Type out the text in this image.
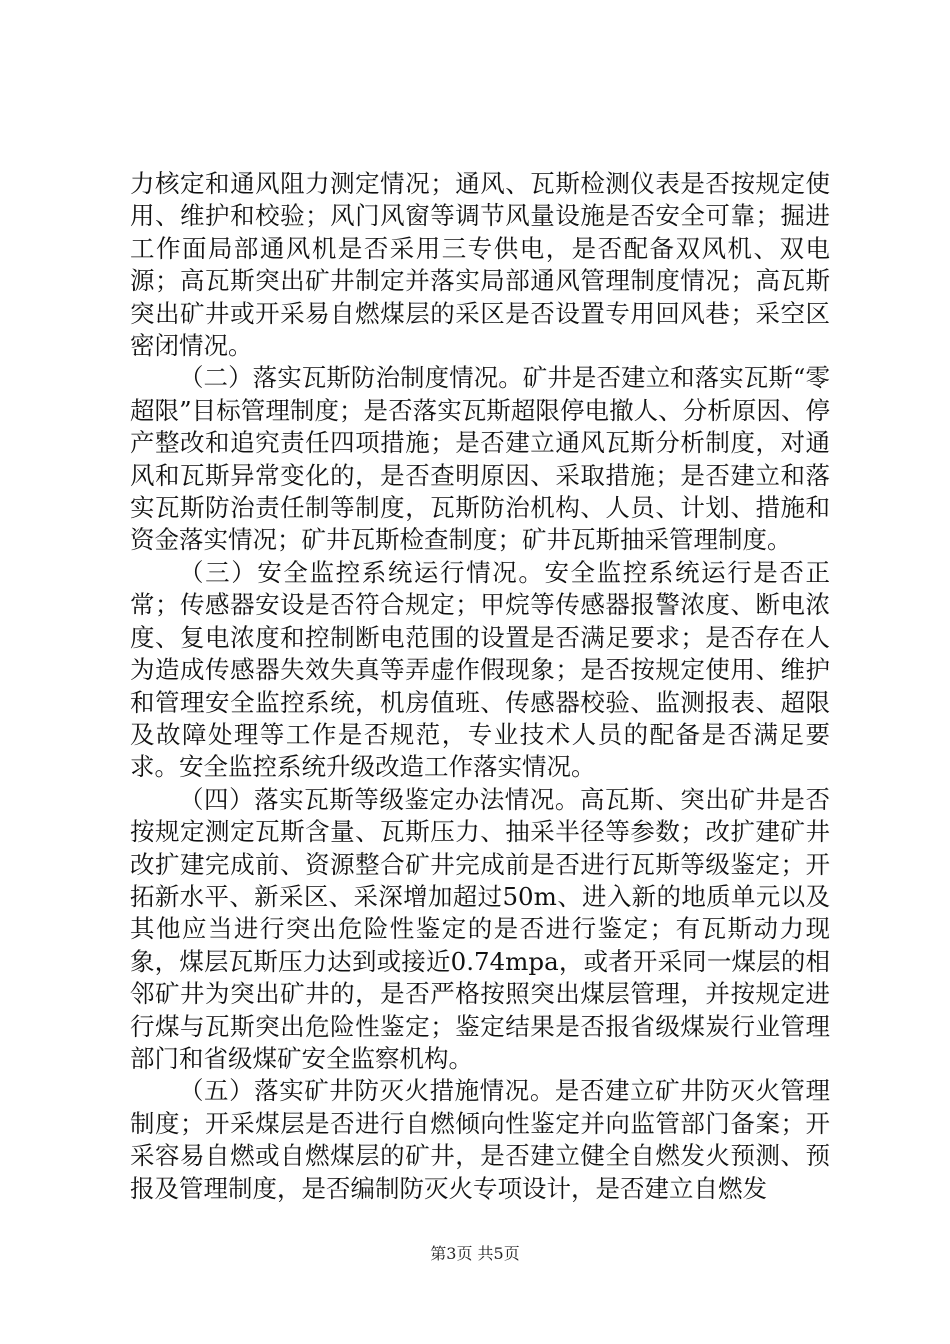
力核定和通风阻力测定情况；通风、瓦斯检测仪表是否按规定使用、维护和校验；风门风窗等调节风量设施是否安全可靠；掘进工作面局部通风机是否采用三专供电，是否配备双风机、双电源；高瓦斯突出矿井制定并落实局部通风管理制度情况；高瓦斯突出矿井或开采易自燃煤层的采区是否设置专用回风巷；采空区密闭情况。

（二）落实瓦斯防治制度情况。矿井是否建立和落实瓦斯“零超限”目标管理制度；是否落实瓦斯超限停电撤人、分析原因、停产整改和追究责任四项措施；是否建立通风瓦斯分析制度，对通风和瓦斯异常变化的，是否查明原因、采取措施；是否建立和落实瓦斯防治责任制等制度，瓦斯防治机构、人员、计划、措施和资金落实情况；矿井瓦斯检查制度；矿井瓦斯抽采管理制度。

（三）安全监控系统运行情况。安全监控系统运行是否正常；传感器安设是否符合规定；甲烷等传感器报警浓度、断电浓度、复电浓度和控制断电范围的设置是否满足要求；是否存在人为造成传感器失效失真等弄虚作假现象；是否按规定使用、维护和管理安全监控系统，机房值班、传感器校验、监测报表、超限及故障处理等工作是否规范，专业技术人员的配备是否满足要求。安全监控系统升级改造工作落实情况。

（四）落实瓦斯等级鉴定办法情况。高瓦斯、突出矿井是否按规定测定瓦斯含量、瓦斯压力、抽采半径等参数；改扩建矿井改扩建完成前、资源整合矿井完成前是否进行瓦斯等级鉴定；开拓新水平、新采区、采深增加超过50m、进入新的地质单元以及其他应当进行突出危险性鉴定的是否进行鉴定；有瓦斯动力现象，煤层瓦斯压力达到或接近0.74mpa，或者开采同一煤层的相邻矿井为突出矿井的，是否严格按照突出煤层管理，并按规定进行煤与瓦斯突出危险性鉴定；鉴定结果是否报省级煤炭行业管理部门和省级煤矿安全监察机构。

（五）落实矿井防灭火措施情况。是否建立矿井防灭火管理制度；开采煤层是否进行自燃倾向性鉴定并向监管部门备案；开采容易自燃或自燃煤层的矿井，是否建立健全自燃发火预测、预报及管理制度，是否编制防灭火专项设计，是否建立自燃发

第3页 共5页
